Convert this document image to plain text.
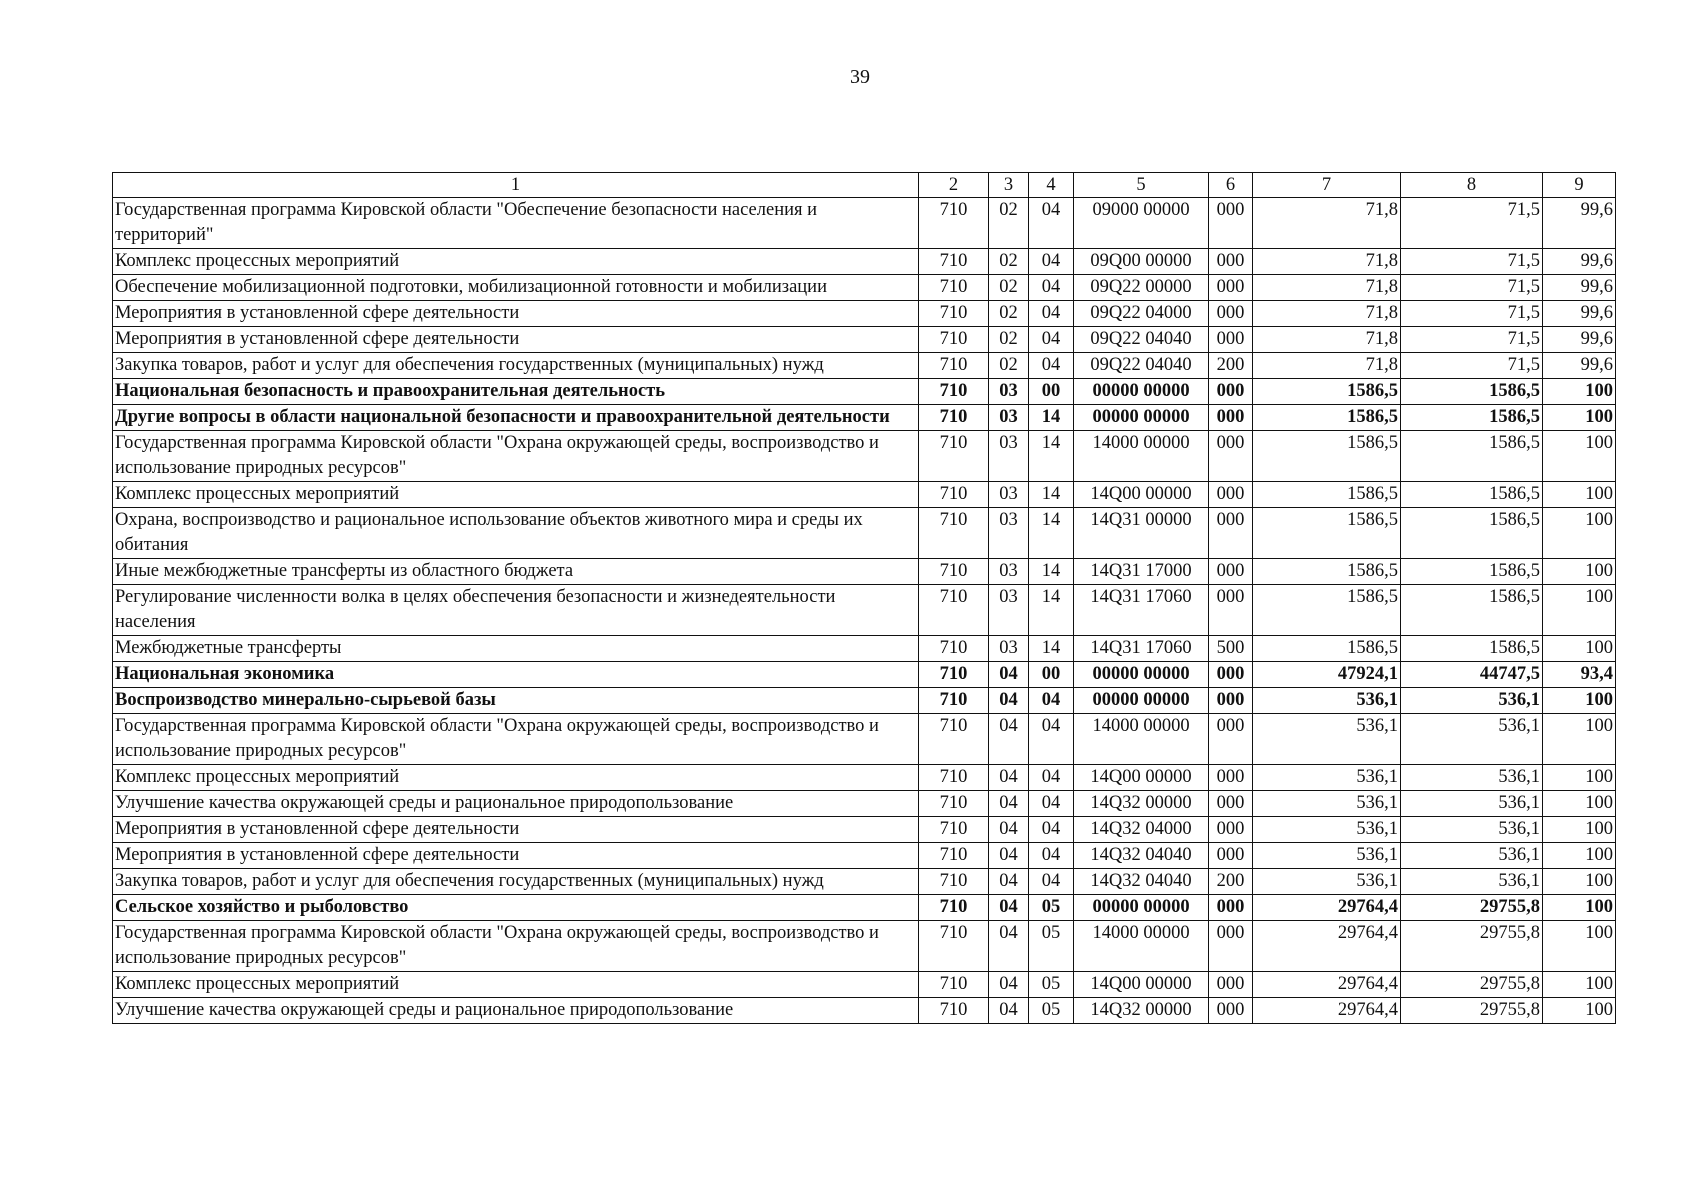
39
1	2	3	4	5	6	7	8	9
Государственная программа Кировской области "Обеспечение безопасности населения и территорий"	710	02	04	09000 00000	000	71,8	71,5	99,6
Комплекс процессных мероприятий	710	02	04	09Q00 00000	000	71,8	71,5	99,6
Обеспечение мобилизационной подготовки, мобилизационной готовности и мобилизации	710	02	04	09Q22 00000	000	71,8	71,5	99,6
Мероприятия в установленной сфере деятельности	710	02	04	09Q22 04000	000	71,8	71,5	99,6
Мероприятия в установленной сфере деятельности	710	02	04	09Q22 04040	000	71,8	71,5	99,6
Закупка товаров, работ и услуг для обеспечения государственных (муниципальных) нужд	710	02	04	09Q22 04040	200	71,8	71,5	99,6
Национальная безопасность и правоохранительная деятельность	710	03	00	00000 00000	000	1586,5	1586,5	100
Другие вопросы в области национальной безопасности и правоохранительной деятельности	710	03	14	00000 00000	000	1586,5	1586,5	100
Государственная программа Кировской области "Охрана окружающей среды, воспроизводство и использование природных ресурсов"	710	03	14	14000 00000	000	1586,5	1586,5	100
Комплекс процессных мероприятий	710	03	14	14Q00 00000	000	1586,5	1586,5	100
Охрана, воспроизводство и рациональное использование объектов животного мира и среды их обитания	710	03	14	14Q31 00000	000	1586,5	1586,5	100
Иные межбюджетные трансферты из областного бюджета	710	03	14	14Q31 17000	000	1586,5	1586,5	100
Регулирование численности волка в целях обеспечения безопасности и жизнедеятельности населения	710	03	14	14Q31 17060	000	1586,5	1586,5	100
Межбюджетные трансферты	710	03	14	14Q31 17060	500	1586,5	1586,5	100
Национальная экономика	710	04	00	00000 00000	000	47924,1	44747,5	93,4
Воспроизводство минерально-сырьевой базы	710	04	04	00000 00000	000	536,1	536,1	100
Государственная программа Кировской области "Охрана окружающей среды, воспроизводство и использование природных ресурсов"	710	04	04	14000 00000	000	536,1	536,1	100
Комплекс процессных мероприятий	710	04	04	14Q00 00000	000	536,1	536,1	100
Улучшение качества окружающей среды и рациональное природопользование	710	04	04	14Q32 00000	000	536,1	536,1	100
Мероприятия в установленной сфере деятельности	710	04	04	14Q32 04000	000	536,1	536,1	100
Мероприятия в установленной сфере деятельности	710	04	04	14Q32 04040	000	536,1	536,1	100
Закупка товаров, работ и услуг для обеспечения государственных (муниципальных) нужд	710	04	04	14Q32 04040	200	536,1	536,1	100
Сельское хозяйство и рыболовство	710	04	05	00000 00000	000	29764,4	29755,8	100
Государственная программа Кировской области "Охрана окружающей среды, воспроизводство и использование природных ресурсов"	710	04	05	14000 00000	000	29764,4	29755,8	100
Комплекс процессных мероприятий	710	04	05	14Q00 00000	000	29764,4	29755,8	100
Улучшение качества окружающей среды и рациональное природопользование	710	04	05	14Q32 00000	000	29764,4	29755,8	100
